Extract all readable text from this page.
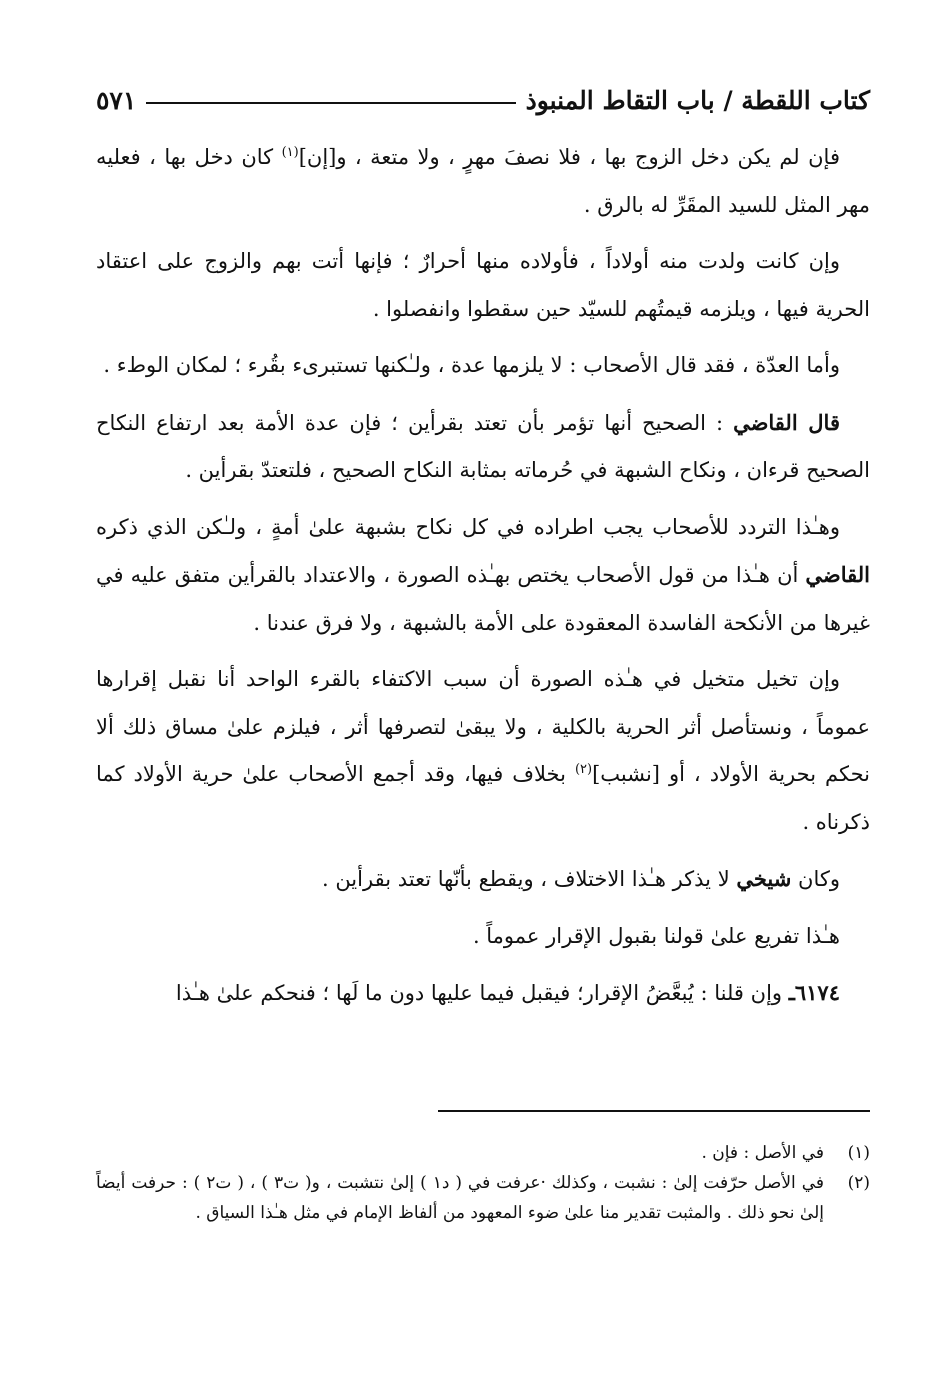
كتاب اللقطة / باب التقاط المنبوذ
٥٧١

فإن لم يكن دخل الزوج بها ، فلا نصفَ مهرٍ ، ولا متعة ، و[إن]$^{(١)}$ كان دخل بها ، فعليه مهر المثل للسيد المقَرِّ له بالرق .

وإن كانت ولدت منه أولاداً ، فأولاده منها أحرارٌ ؛ فإنها أتت بهم والزوج على اعتقاد الحرية فيها ، ويلزمه قيمتُهم للسيّد حين سقطوا وانفصلوا .

وأما العدّة ، فقد قال الأصحاب : لا يلزمها عدة ، ولـٰكنها تستبرىء بقُرء ؛ لمكان الوطء .

قال القاضي : الصحيح أنها تؤمر بأن تعتد بقرأين ؛ فإن عدة الأمة بعد ارتفاع النكاح الصحيح قرءان ، ونكاح الشبهة في حُرماته بمثابة النكاح الصحيح ، فلتعتدّ بقرأين .

وهـٰذا التردد للأصحاب يجب اطراده في كل نكاح بشبهة علىٰ أمةٍ ، ولـٰكن الذي ذكره القاضي أن هـٰذا من قول الأصحاب يختص بهـٰذه الصورة ، والاعتداد بالقرأين متفق عليه في غيرها من الأنكحة الفاسدة المعقودة على الأمة بالشبهة ، ولا فرق عندنا .

وإن تخيل متخيل في هـٰذه الصورة أن سبب الاكتفاء بالقرء الواحد أنا نقبل إقرارها عموماً ، ونستأصل أثر الحرية بالكلية ، ولا يبقىٰ لتصرفها أثر ، فيلزم علىٰ مساق ذلك ألا نحكم بحرية الأولاد ، أو [نشبب]$^{(٢)}$ بخلاف فيها، وقد أجمع الأصحاب علىٰ حرية الأولاد كما ذكرناه .

وكان شيخي لا يذكر هـٰذا الاختلاف ، ويقطع بأنّها تعتد بقرأين .

هـٰذا تفريع علىٰ قولنا بقبول الإقرار عموماً .

٦١٧٤ـ وإن قلنا : يُبعَّضُ الإقرار؛ فيقبل فيما عليها دون ما لَها ؛ فنحكم علىٰ هـٰذا

(١)
في الأصل : فإن .
(٢)
في الأصل حرّفت إلىٰ : نشبت ، وكذلك ·عرفت في ( د١ ) إلىٰ نتشبت ، و( ت٣ ) ، ( ت٢ ) : حرفت أيضاً إلىٰ نحو ذلك . والمثبت تقدير منا علىٰ ضوء المعهود من ألفاظ الإمام في مثل هـٰذا السياق .
